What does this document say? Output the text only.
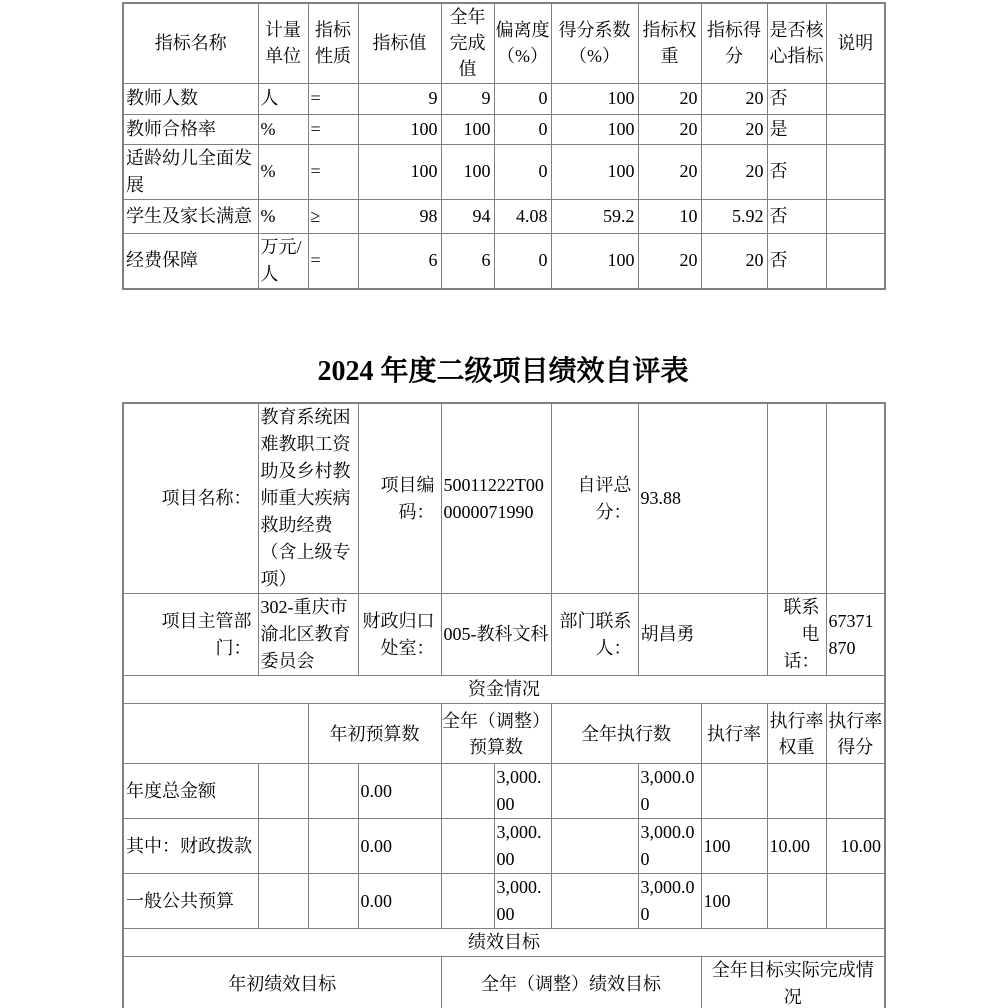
指标名称	计量单位	指标性质	指标值	全年完成值	偏离度（%）	得分系数（%）	指标权重	指标得分	是否核心指标	说明
教师人数	人	=	9	9	0	100	20	20	否	
教师合格率	%	=	100	100	0	100	20	20	是	
适龄幼儿全面发展	%	=	100	100	0	100	20	20	否	
学生及家长满意	%	≥	98	94	4.08	59.2	10	5.92	否	
经费保障	万元/人	=	6	6	0	100	20	20	否	
2024 年度二级项目绩效自评表
项目名称：	教育系统困难教职工资助及乡村教师重大疾病救助经费（含上级专项）		项目编码：	50011222T000000071990		自评总分：	93.88			
项目主管部门：	302-重庆市渝北区教育委员会		财政归口处室：	005-教科文科		部门联系人：	胡昌勇		联系电话：	67371870
资金情况										
		年初预算数		全年（调整）预算数		全年执行数		执行率	执行率权重	执行率得分
年度总金额			0.00		3,000.00		3,000.00			
其中：财政拨款			0.00		3,000.00		3,000.00	100	10.00	10.00
一般公共预算			0.00		3,000.00		3,000.00	100		
绩效目标										
年初绩效目标				全年（调整）绩效目标				全年目标实际完成情况		
